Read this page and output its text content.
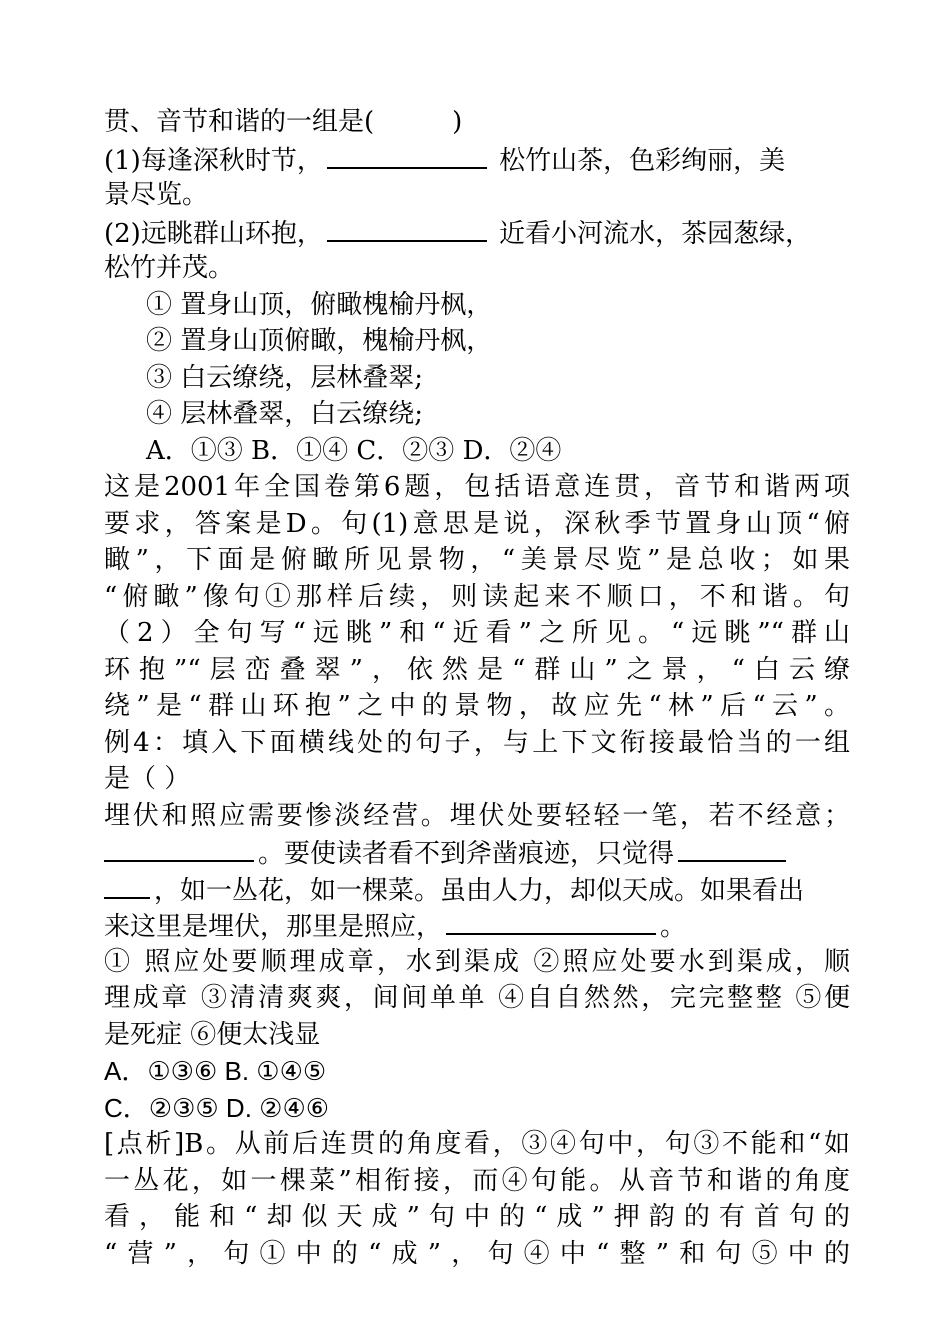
贯、音节和谐的一组是(　　　)
(1)每逢深秋时节，	松竹山茶，色彩绚丽，美
景尽览。
(2)远眺群山环抱，	近看小河流水，茶园葱绿，
松竹并茂。
① 置身山顶，俯瞰槐榆丹枫，
② 置身山顶俯瞰，槐榆丹枫，
③ 白云缭绕，层林叠翠;
④ 层林叠翠，白云缭绕;
A．①③ B．①④ C．②③ D．②④
这是2001年全国卷第6题，包括语意连贯，音节和谐两项
要求，答案是D。句(1)意思是说，深秋季节置身山顶“俯
瞰”，下面是俯瞰所见景物，“美景尽览”是总收；如果
“俯瞰”像句①那样后续，则读起来不顺口，不和谐。句
（2）全句写“远眺”和“近看”之所见。“远眺”“群山
环抱”“层峦叠翠”，依然是“群山”之景，“白云缭
绕”是“群山环抱”之中的景物，故应先“林”后“云”。
例4：填入下面横线处的句子，与上下文衔接最恰当的一组
是（ ）
埋伏和照应需要惨淡经营。埋伏处要轻轻一笔，若不经意；
。要使读者看不到斧凿痕迹，只觉得
，如一丛花，如一棵菜。虽由人力，却似天成。如果看出
来这里是埋伏，那里是照应，	。
① 照应处要顺理成章，水到渠成 ②照应处要水到渠成，顺
理成章 ③清清爽爽，间间单单 ④自自然然，完完整整 ⑤便
是死症 ⑥便太浅显
A．①③⑥ B. ①④⑤
C．②③⑤ D. ②④⑥
[点析]B。从前后连贯的角度看，③④句中，句③不能和“如
一丛花，如一棵菜”相衔接，而④句能。从音节和谐的角度
看，能和“却似天成”句中的“成”押韵的有首句的
“营”，句①中的“成”，句④中“整”和句⑤中的
